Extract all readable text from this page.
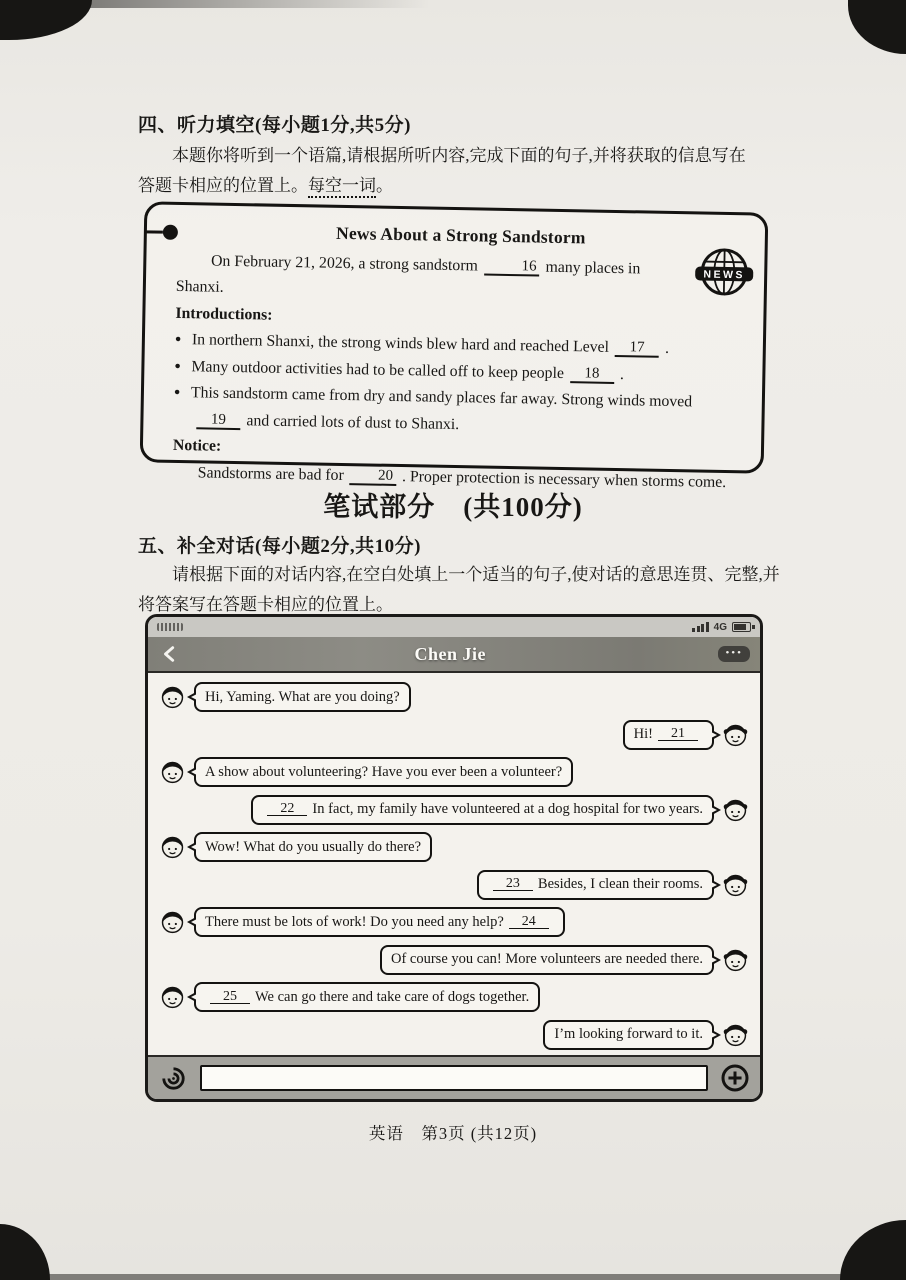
四、听力填空(每小题1分,共5分)
本题你将听到一个语篇,请根据所听内容,完成下面的句子,并将获取的信息写在
答题卡相应的位置上。每空一词。
News About a Strong Sandstorm
NEWS
On February 21, 2026, a strong sandstorm	16 many places in Shanxi.
Introductions:
● In northern Shanxi, the strong winds blew hard and reached Level 17 .
● Many outdoor activities had to be called off to keep people 18 .
● This sandstorm came from dry and sandy places far away. Strong winds moved19 and carried lots of dust to Shanxi.
Notice:
Sandstorms are bad for 20 . Proper protection is necessary when storms come.
笔试部分　(共100分)
五、补全对话(每小题2分,共10分)
请根据下面的对话内容,在空白处填上一个适当的句子,使对话的意思连贯、完整,并
将答案写在答题卡相应的位置上。
4G
Chen Jie	•••
Hi, Yaming. What are you doing?
Hi! 21
A show about volunteering? Have you ever been a volunteer?
22 In fact, my family have volunteered at a dog hospital for two years.
Wow! What do you usually do there?
23 Besides, I clean their rooms.
There must be lots of work! Do you need any help? 24
Of course you can! More volunteers are needed there.
25 We can go there and take care of dogs together.
I’m looking forward to it.
英语　第3页 (共12页)
